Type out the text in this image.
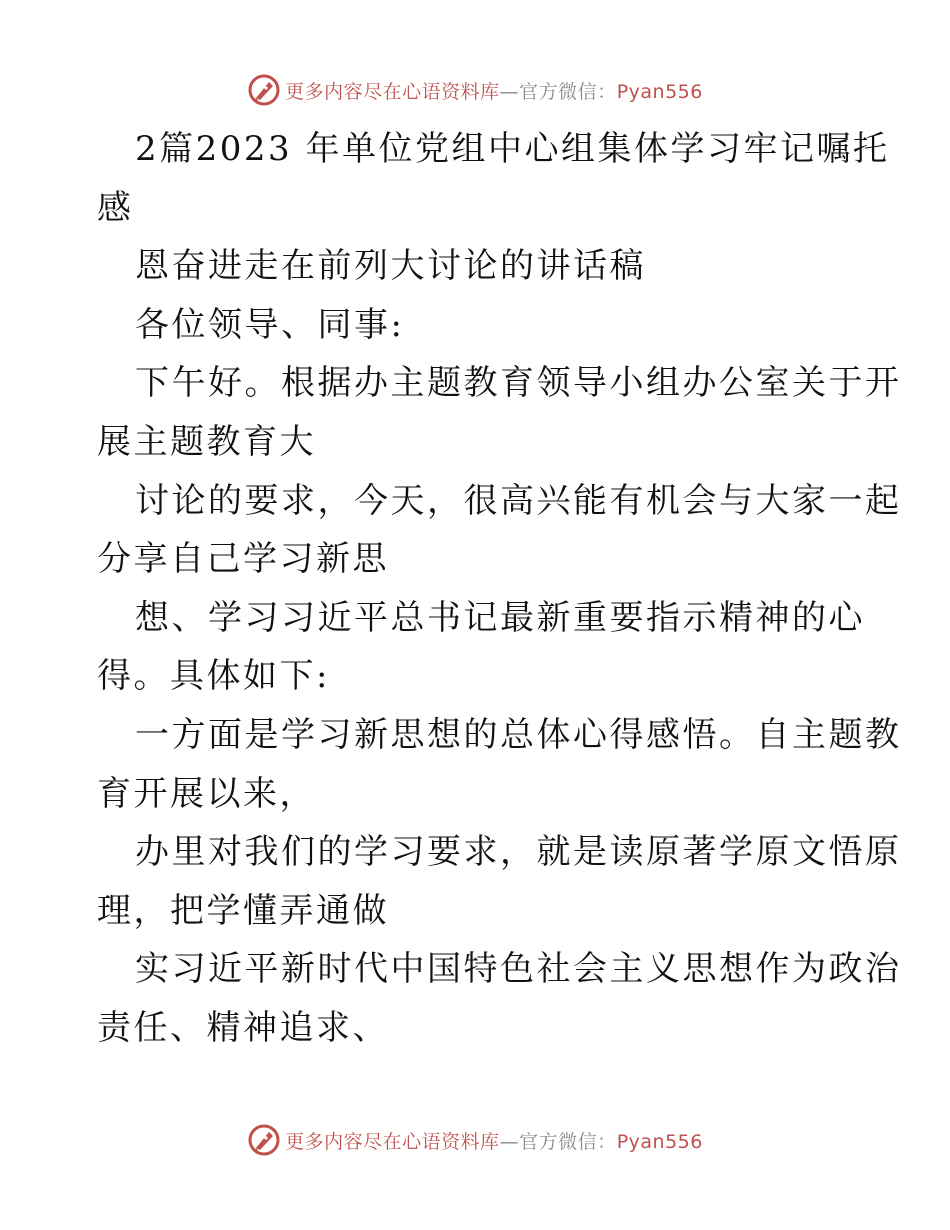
更多内容尽在心语资料库—官方微信：Pyan556
2篇2023 年单位党组中心组集体学习牢记嘱托
感
恩奋进走在前列大讨论的讲话稿
各位领导、同事:
下午好。根据办主题教育领导小组办公室关于开
展主题教育大
讨论的要求，今天，很高兴能有机会与大家一起
分享自己学习新思
想、学习习近平总书记最新重要指示精神的心
得。具体如下:
一方面是学习新思想的总体心得感悟。自主题教
育开展以来，
办里对我们的学习要求，就是读原著学原文悟原
理，把学懂弄通做
实习近平新时代中国特色社会主义思想作为政治
责任、精神追求、
更多内容尽在心语资料库—官方微信：Pyan556
